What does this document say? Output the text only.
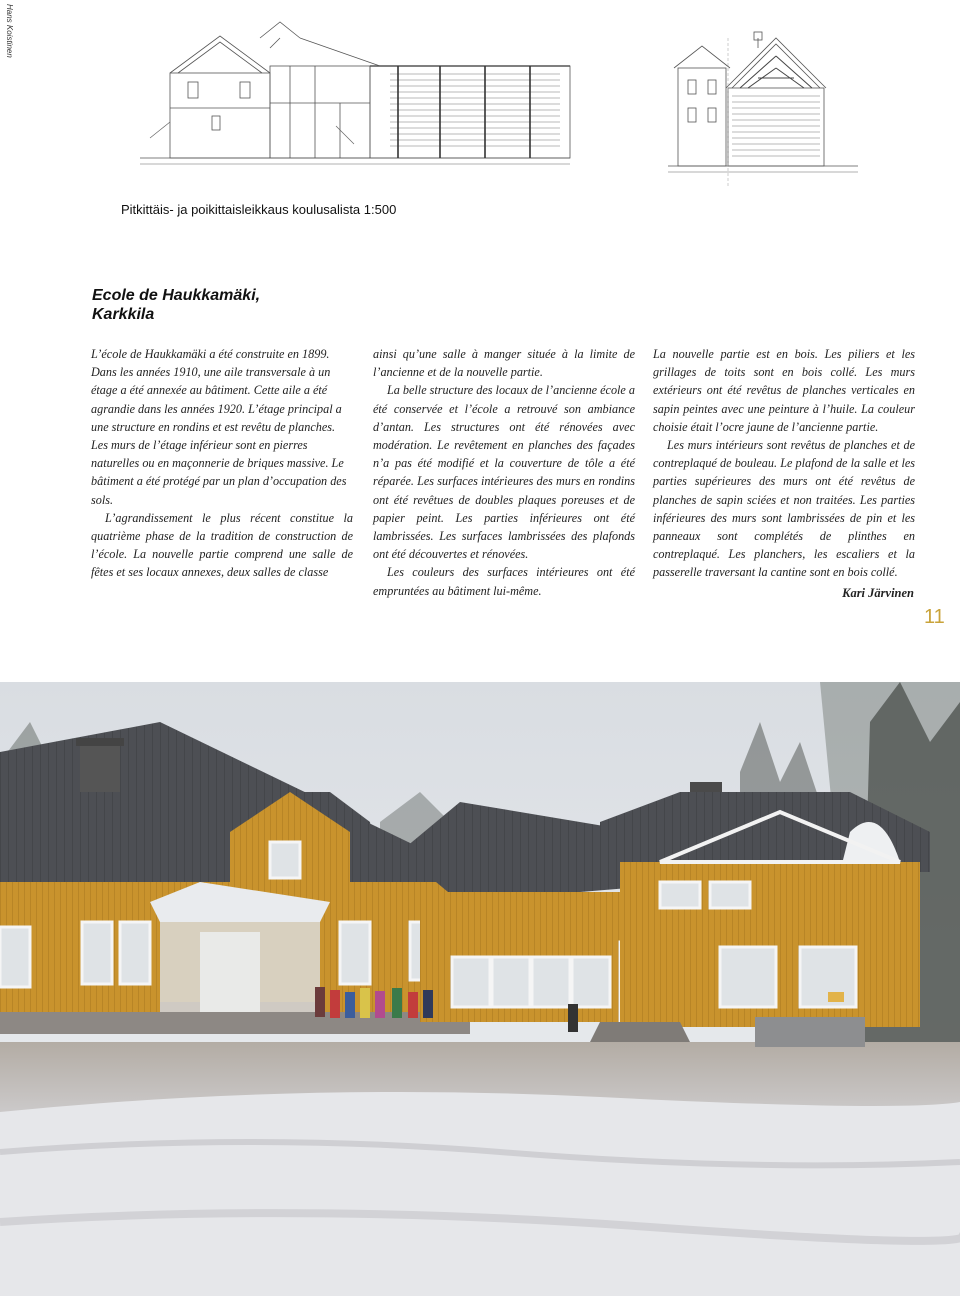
Hans Koistinen
Pitkittäis- ja poikittaisleikkaus koulusalista 1:500
Ecole de Haukkamäki,
Karkkila

L’école de Haukkamäki a été construite en 1899. Dans les années 1910, une aile transversale à un étage a été annexée au bâtiment. Cette aile a été agrandie dans les années 1920. L’étage principal a une structure en rondins et est revêtu de planches. Les murs de l’étage inférieur sont en pierres naturelles ou en maçonnerie de briques massive. Le bâtiment a été protégé par un plan d’occupation des sols.

L’agrandissement le plus récent constitue la quatrième phase de la tradition de construction de l’école. La nouvelle partie comprend une salle de fêtes et ses locaux annexes, deux salles de classe

ainsi qu’une salle à manger située à la limite de l’ancienne et de la nouvelle partie.

La belle structure des locaux de l’ancienne école a été conservée et l’école a retrouvé son ambiance d’antan. Les structures ont été rénovées avec modération. Le revêtement en planches des façades n’a pas été modifié et la couverture de tôle a été réparée. Les surfaces intérieures des murs en rondins ont été revêtues de doubles plaques poreuses et de papier peint. Les parties inférieures ont été lambrissées. Les surfaces lambrissées des plafonds ont été découvertes et rénovées.

Les couleurs des surfaces intérieures ont été empruntées au bâtiment lui-même.

La nouvelle partie est en bois. Les piliers et les grillages de toits sont en bois collé. Les murs extérieurs ont été revêtus de planches verticales en sapin peintes avec une peinture à l’huile. La couleur choisie était l’ocre jaune de l’ancienne partie.

Les murs intérieurs sont revêtus de planches et de contreplaqué de bouleau. Le plafond de la salle et les parties supérieures des murs ont été revêtus de planches de sapin sciées et non traitées. Les parties inférieures des murs sont lambrissées de pin et les panneaux sont complétés de plinthes en contreplaqué. Les planchers, les escaliers et la passerelle traversant la cantine sont en bois collé.

Kari Järvinen
11
